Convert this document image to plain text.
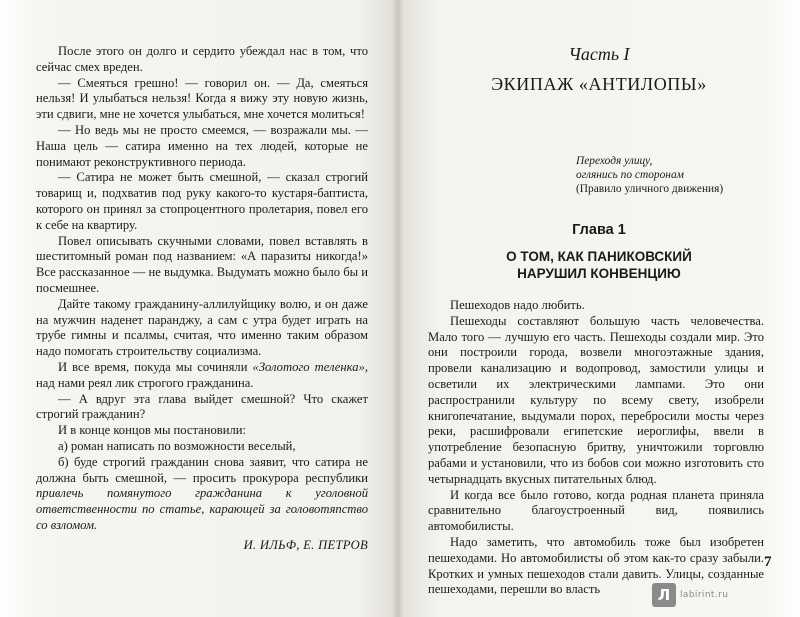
После этого он долго и сердито убеждал нас в том, что сейчас смех вреден.

— Смеяться грешно! — говорил он. — Да, смеяться нельзя! И улыбаться нельзя! Когда я вижу эту новую жизнь, эти сдвиги, мне не хочется улыбаться, мне хочется молиться!

— Но ведь мы не просто смеемся, — возражали мы. — Наша цель — сатира именно на тех людей, которые не понимают реконструктивного периода.

— Сатира не может быть смешной, — сказал строгий товарищ и, подхватив под руку какого-то кустаря-баптиста, которого он принял за стопроцентного пролетария, повел его к себе на квартиру.

Повел описывать скучными словами, повел вставлять в шеститомный роман под названием: «А паразиты никогда!» Все рассказанное — не выдумка. Выдумать можно было бы и посмешнее.

Дайте такому гражданину-аллилуйщику волю, и он даже на мужчин наденет паранджу, а сам с утра будет играть на трубе гимны и псалмы, считая, что именно таким образом надо помогать строительству социализма.

И все время, покуда мы сочиняли «Золотого теленка», над нами реял лик строгого гражданина.

— А вдруг эта глава выйдет смешной? Что скажет строгий гражданин?

И в конце концов мы постановили:

а) роман написать по возможности веселый,

б) буде строгий гражданин снова заявит, что сатира не должна быть смешной, — просить прокурора республики привлечь помянутого гражданина к уголовной ответственности по статье, карающей за головотяпство со взломом.

И. ИЛЬФ, Е. ПЕТРОВ

Часть I
ЭКИПАЖ «АНТИЛОПЫ»
Переходя улицу,
оглянись по сторонам
(Правило уличного движения)
Глава 1
О ТОМ, КАК ПАНИКОВСКИЙ
НАРУШИЛ КОНВЕНЦИЮ

Пешеходов надо любить.

Пешеходы составляют большую часть человечества. Мало того — лучшую его часть. Пешеходы создали мир. Это они построили города, возвели многоэтажные здания, провели канализацию и водопровод, замостили улицы и осветили их электрическими лампами. Это они распространили культуру по всему свету, изобрели книгопечатание, выдумали порох, перебросили мосты через реки, расшифровали египетские иероглифы, ввели в употребление безопасную бритву, уничтожили торговлю рабами и установили, что из бобов сои можно изготовить сто четырнадцать вкусных питательных блюд.

И когда все было готово, когда родная планета приняла сравнительно благоустроенный вид, появились автомобилисты.

Надо заметить, что автомобиль тоже был изобретен пешеходами. Но автомобилисты об этом как-то сразу забыли. Кротких и умных пешеходов стали давить. Улицы, созданные пешеходами, перешли во власть

7
Л	labirint.ru
